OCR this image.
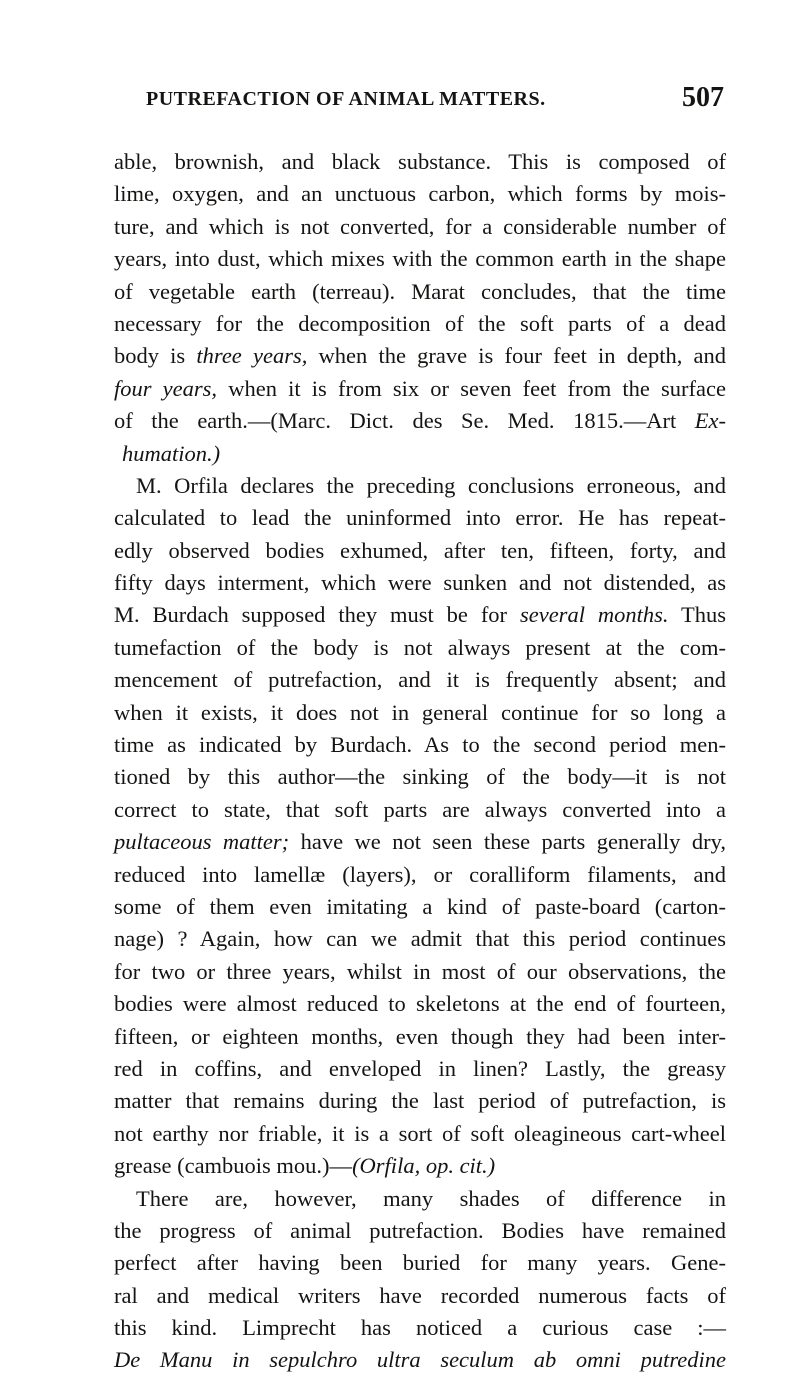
PUTREFACTION OF ANIMAL MATTERS.	507
able, brownish, and black substance. This is composed of
lime, oxygen, and an unctuous carbon, which forms by mois-
ture, and which is not converted, for a considerable number of
years, into dust, which mixes with the common earth in the shape
of vegetable earth (terreau). Marat concludes, that the time
necessary for the decomposition of the soft parts of a dead
body is three years, when the grave is four feet in depth, and
four years, when it is from six or seven feet from the surface
of the earth.—(Marc. Dict. des Se. Med. 1815.—Art Ex-
humation.)
M. Orfila declares the preceding conclusions erroneous, and
calculated to lead the uninformed into error. He has repeat-
edly observed bodies exhumed, after ten, fifteen, forty, and
fifty days interment, which were sunken and not distended, as
M. Burdach supposed they must be for several months. Thus
tumefaction of the body is not always present at the com-
mencement of putrefaction, and it is frequently absent; and
when it exists, it does not in general continue for so long a
time as indicated by Burdach. As to the second period men-
tioned by this author—the sinking of the body—it is not
correct to state, that soft parts are always converted into a
pultaceous matter; have we not seen these parts generally dry,
reduced into lamellæ (layers), or coralliform filaments, and
some of them even imitating a kind of paste-board (carton-
nage) ? Again, how can we admit that this period continues
for two or three years, whilst in most of our observations, the
bodies were almost reduced to skeletons at the end of fourteen,
fifteen, or eighteen months, even though they had been inter-
red in coffins, and enveloped in linen? Lastly, the greasy
matter that remains during the last period of putrefaction, is
not earthy nor friable, it is a sort of soft oleagineous cart-wheel
grease (cambuois mou.)—(Orfila, op. cit.)
There are, however, many shades of difference in
the progress of animal putrefaction. Bodies have remained
perfect after having been buried for many years. Gene-
ral and medical writers have recorded numerous facts of
this kind. Limprecht has noticed a curious case :—
De Manu in sepulchro ultra seculum ab omni putredine
